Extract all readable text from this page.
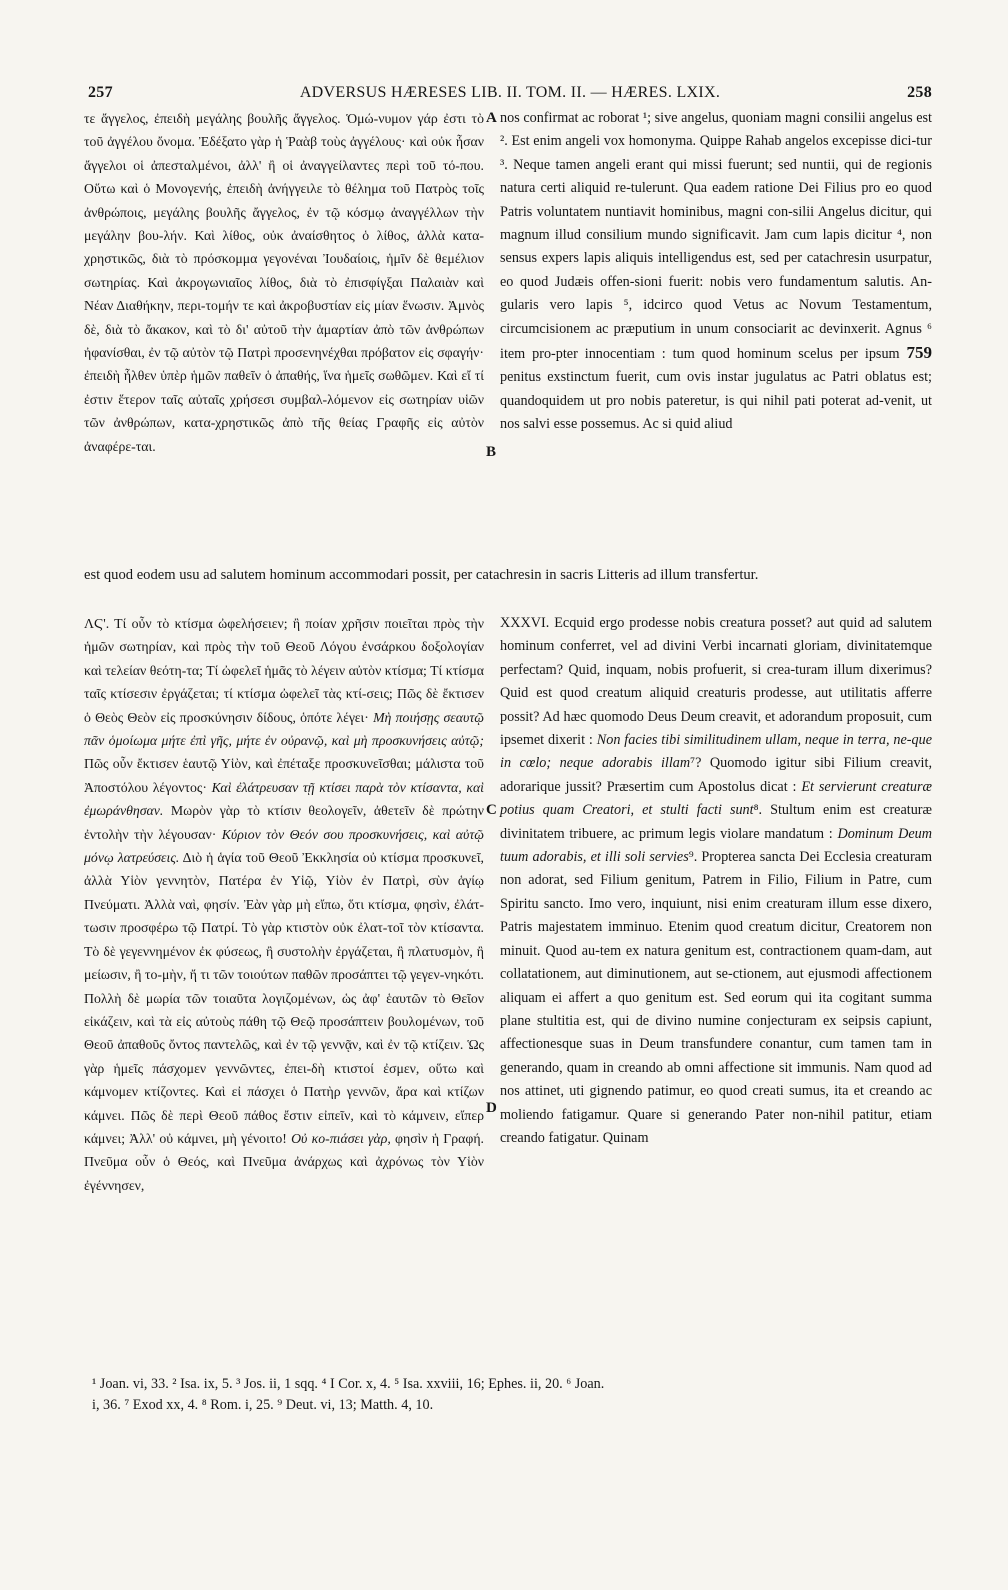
257	ADVERSUS HÆRESES LIB. II. TOM. II. — HÆRES. LXIX.	258

τε ἄγγελος, ἐπειδὴ μεγάλης βουλῆς ἄγγελος. Ὁμώ-νυμον γάρ ἐστι τὸ τοῦ ἀγγέλου ὄνομα. Ἐδέξατο γὰρ ἡ Ῥαὰβ τοὺς ἀγγέλους· καὶ οὐκ ἦσαν ἄγγελοι οἱ ἀπεσταλμένοι, ἀλλ' ἢ οἱ ἀναγγείλαντες περὶ τοῦ τό-που. Οὕτω καὶ ὁ Μονογενής, ἐπειδὴ ἀνήγγειλε τὸ θέλημα τοῦ Πατρὸς τοῖς ἀνθρώποις, μεγάλης βουλῆς ἄγγελος, ἐν τῷ κόσμῳ ἀναγγέλλων τὴν μεγάλην βου-λήν. Καὶ λίθος, οὐκ ἀναίσθητος ὁ λίθος, ἀλλὰ κατα-χρηστικῶς, διὰ τὸ πρόσκομμα γεγονέναι Ἰουδαίοις, ἡμῖν δὲ θεμέλιον σωτηρίας. Καὶ ἀκρογωνιαῖος λίθος, διὰ τὸ ἐπισφίγξαι Παλαιὰν καὶ Νέαν Διαθήκην, περι-τομήν τε καὶ ἀκροβυστίαν εἰς μίαν ἕνωσιν. Ἀμνὸς δὲ, διὰ τὸ ἄκακον, καὶ τὸ δι' αὐτοῦ τὴν ἁμαρτίαν ἀπὸ τῶν ἀνθρώπων ἠφανίσθαι, ἐν τῷ αὐτὸν τῷ Πατρὶ προσενηνέχθαι πρόβατον εἰς σφαγήν· ἐπειδὴ ἦλθεν ὑπὲρ ἡμῶν παθεῖν ὁ ἀπαθής, ἵνα ἡμεῖς σωθῶμεν. Καὶ εἴ τί ἐστιν ἕτερον ταῖς αὐταῖς χρήσεσι συμβαλ-λόμενον εἰς σωτηρίαν υἱῶν τῶν ἀνθρώπων, κατα-χρηστικῶς ἀπὸ τῆς θείας Γραφῆς εἰς αὐτὸν ἀναφέρε-ται.

A
B

nos confirmat ac roborat ¹; sive angelus, quoniam magni consilii angelus est ². Est enim angeli vox homonyma. Quippe Rahab angelos excepisse dici-tur ³. Neque tamen angeli erant qui missi fuerunt; sed nuntii, qui de regionis natura certi aliquid re-tulerunt. Qua eadem ratione Dei Filius pro eo quod Patris voluntatem nuntiavit hominibus, magni con-silii Angelus dicitur, qui magnum illud consilium mundo significavit. Jam cum lapis dicitur ⁴, non sensus expers lapis aliquis intelligendus est, sed per catachresin usurpatur, eo quod Judæis offen-sioni fuerit: nobis vero fundamentum salutis. An-gularis vero lapis ⁵, idcirco quod Vetus ac Novum Testamentum, circumcisionem ac præputium in unum consociarit ac devinxerit. Agnus ⁶ item pro-pter innocentiam : tum quod hominum scelus per ipsum 759 penitus exstinctum fuerit, cum ovis instar jugulatus ac Patri oblatus est; quandoquidem ut pro nobis pateretur, is qui nihil pati poterat ad-venit, ut nos salvi esse possemus. Ac si quid aliud

est quod eodem usu ad salutem hominum accommodari possit, per catachresin in sacris Litteris ad illum transfertur.

ΛϚ'. Τί οὖν τὸ κτίσμα ὠφελήσειεν; ἢ ποίαν χρῆσιν ποιεῖται πρὸς τὴν ἡμῶν σωτηρίαν, καὶ πρὸς τὴν τοῦ Θεοῦ Λόγου ἐνσάρκου δοξολογίαν καὶ τελείαν θεότη-τα; Τί ὠφελεῖ ἡμᾶς τὸ λέγειν αὐτὸν κτίσμα; Τί κτίσμα ταῖς κτίσεσιν ἐργάζεται; τί κτίσμα ὠφελεῖ τὰς κτί-σεις; Πῶς δὲ ἔκτισεν ὁ Θεὸς Θεὸν εἰς προσκύνησιν δίδους, ὁπότε λέγει· Μὴ ποιήσῃς σεαυτῷ πᾶν ὁμοίωμα μήτε ἐπὶ γῆς, μήτε ἐν οὐρανῷ, καὶ μὴ προσκυνήσεις αὐτῷ; Πῶς οὖν ἔκτισεν ἑαυτῷ Υἱὸν, καὶ ἐπέταξε προσκυνεῖσθαι; μάλιστα τοῦ Ἀποστόλου λέγοντος· Καὶ ἐλάτρευσαν τῇ κτίσει παρὰ τὸν κτίσαντα, καὶ ἐμωράνθησαν. Μωρὸν γὰρ τὸ κτίσιν θεολογεῖν, ἀθετεῖν δὲ πρώτην ἐντολὴν τὴν λέγουσαν· Κύριον τὸν Θεόν σου προσκυνήσεις, καὶ αὐτῷ μόνῳ λατρεύσεις. Διὸ ἡ ἁγία τοῦ Θεοῦ Ἐκκλησία οὐ κτίσμα προσκυνεῖ, ἀλλὰ Υἱὸν γεννητὸν, Πατέρα ἐν Υἱῷ, Υἱὸν ἐν Πατρὶ, σὺν ἁγίῳ Πνεύματι. Ἀλλὰ ναὶ, φησίν. Ἐὰν γὰρ μὴ εἴπω, ὅτι κτίσμα, φησὶν, ἐλάτ-τωσιν προσφέρω τῷ Πατρί. Τὸ γὰρ κτιστὸν οὐκ ἐλατ-τοῖ τὸν κτίσαντα. Τὸ δὲ γεγεννημένον ἐκ φύσεως, ἢ συστολὴν ἐργάζεται, ἢ πλατυσμὸν, ἢ μείωσιν, ἢ το-μὴν, ἤ τι τῶν τοιούτων παθῶν προσάπτει τῷ γεγεν-νηκότι. Πολλὴ δὲ μωρία τῶν τοιαῦτα λογιζομένων, ὡς ἀφ' ἑαυτῶν τὸ Θεῖον εἰκάζειν, καὶ τὰ εἰς αὐτοὺς πάθη τῷ Θεῷ προσάπτειν βουλομένων, τοῦ Θεοῦ ἀπαθοῦς ὄντος παντελῶς, καὶ ἐν τῷ γεννᾷν, καὶ ἐν τῷ κτίζειν. Ὡς γὰρ ἡμεῖς πάσχομεν γεννῶντες, ἐπει-δὴ κτιστοί ἐσμεν, οὕτω καὶ κάμνομεν κτίζοντες. Καὶ εἰ πάσχει ὁ Πατὴρ γεννῶν, ἄρα καὶ κτίζων κάμνει. Πῶς δὲ περὶ Θεοῦ πάθος ἔστιν εἰπεῖν, καὶ τὸ κάμνειν, εἴπερ κάμνει; Ἀλλ' οὐ κάμνει, μὴ γένοιτο! Οὐ κο-πιάσει γὰρ, φησὶν ἡ Γραφή. Πνεῦμα οὖν ὁ Θεός, καὶ Πνεῦμα ἀνάρχως καὶ ἀχρόνως τὸν Υἱὸν ἐγέννησεν,

C
D

XXXVI. Ecquid ergo prodesse nobis creatura posset? aut quid ad salutem hominum conferret, vel ad divini Verbi incarnati gloriam, divinitatemque perfectam? Quid, inquam, nobis profuerit, si crea-turam illum dixerimus? Quid est quod creatum aliquid creaturis prodesse, aut utilitatis afferre possit? Ad hæc quomodo Deus Deum creavit, et adorandum proposuit, cum ipsemet dixerit : Non facies tibi similitudinem ullam, neque in terra, ne-que in cœlo; neque adorabis illam⁷? Quomodo igitur sibi Filium creavit, adorarique jussit? Præsertim cum Apostolus dicat : Et servierunt creaturæ potius quam Creatori, et stulti facti sunt⁸. Stultum enim est creaturæ divinitatem tribuere, ac primum legis violare mandatum : Dominum Deum tuum adorabis, et illi soli servies⁹. Propterea sancta Dei Ecclesia creaturam non adorat, sed Filium genitum, Patrem in Filio, Filium in Patre, cum Spiritu sancto. Imo vero, inquiunt, nisi enim creaturam illum esse dixero, Patris majestatem imminuo. Etenim quod creatum dicitur, Creatorem non minuit. Quod au-tem ex natura genitum est, contractionem quam-dam, aut collatationem, aut diminutionem, aut se-ctionem, aut ejusmodi affectionem aliquam ei affert a quo genitum est. Sed eorum qui ita cogitant summa plane stultitia est, qui de divino numine conjecturam ex seipsis capiunt, affectionesque suas in Deum transfundere conantur, cum tamen tam in generando, quam in creando ab omni affectione sit immunis. Nam quod ad nos attinet, uti gignendo patimur, eo quod creati sumus, ita et creando ac moliendo fatigamur. Quare si generando Pater non-nihil patitur, etiam creando fatigatur. Quinam

¹ Joan. vi, 33. ² Isa. ix, 5. ³ Jos. ii, 1 sqq. ⁴ I Cor. x, 4. ⁵ Isa. xxviii, 16; Ephes. ii, 20. ⁶ Joan.

i, 36. ⁷ Exod xx, 4. ⁸ Rom. i, 25. ⁹ Deut. vi, 13; Matth. 4, 10.
